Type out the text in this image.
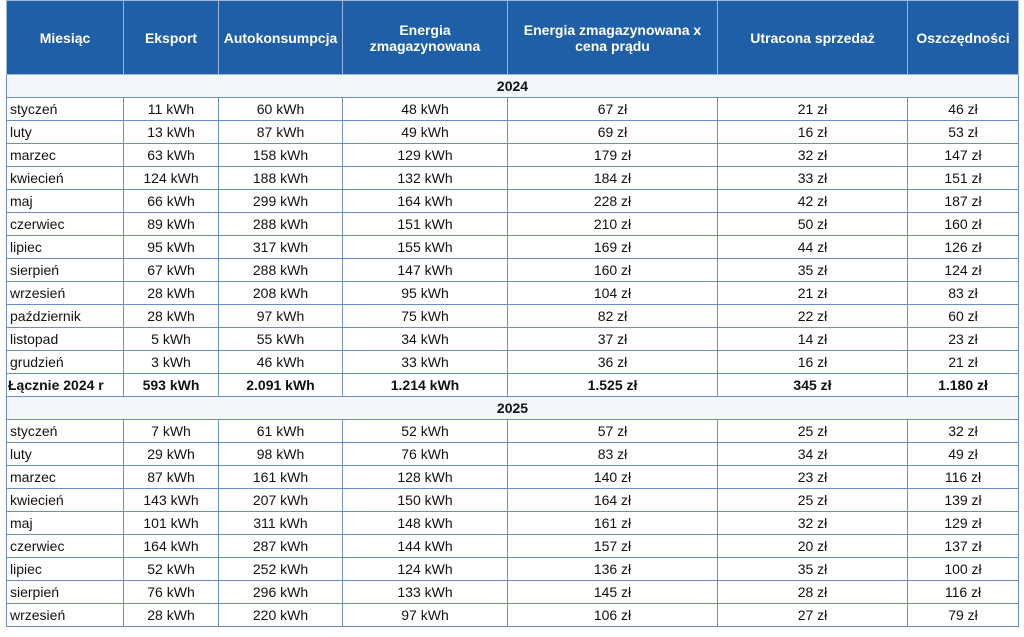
Miesiąc	Eksport	Autokonsumpcja	Energia zmagazynowana	Energia zmagazynowana x cena prądu	Utracona sprzedaż	Oszczędności
2024						
styczeń	11 kWh	60 kWh	48 kWh	67 zł	21 zł	46 zł
luty	13 kWh	87 kWh	49 kWh	69 zł	16 zł	53 zł
marzec	63 kWh	158 kWh	129 kWh	179 zł	32 zł	147 zł
kwiecień	124 kWh	188 kWh	132 kWh	184 zł	33 zł	151 zł
maj	66 kWh	299 kWh	164 kWh	228 zł	42 zł	187 zł
czerwiec	89 kWh	288 kWh	151 kWh	210 zł	50 zł	160 zł
lipiec	95 kWh	317 kWh	155 kWh	169 zł	44 zł	126 zł
sierpień	67 kWh	288 kWh	147 kWh	160 zł	35 zł	124 zł
wrzesień	28 kWh	208 kWh	95 kWh	104 zł	21 zł	83 zł
październik	28 kWh	97 kWh	75 kWh	82 zł	22 zł	60 zł
listopad	5 kWh	55 kWh	34 kWh	37 zł	14 zł	23 zł
grudzień	3 kWh	46 kWh	33 kWh	36 zł	16 zł	21 zł
Łącznie 2024 r	593 kWh	2.091 kWh	1.214 kWh	1.525 zł	345 zł	1.180 zł
2025						
styczeń	7 kWh	61 kWh	52 kWh	57 zł	25 zł	32 zł
luty	29 kWh	98 kWh	76 kWh	83 zł	34 zł	49 zł
marzec	87 kWh	161 kWh	128 kWh	140 zł	23 zł	116 zł
kwiecień	143 kWh	207 kWh	150 kWh	164 zł	25 zł	139 zł
maj	101 kWh	311 kWh	148 kWh	161 zł	32 zł	129 zł
czerwiec	164 kWh	287 kWh	144 kWh	157 zł	20 zł	137 zł
lipiec	52 kWh	252 kWh	124 kWh	136 zł	35 zł	100 zł
sierpień	76 kWh	296 kWh	133 kWh	145 zł	28 zł	116 zł
wrzesień	28 kWh	220 kWh	97 kWh	106 zł	27 zł	79 zł
